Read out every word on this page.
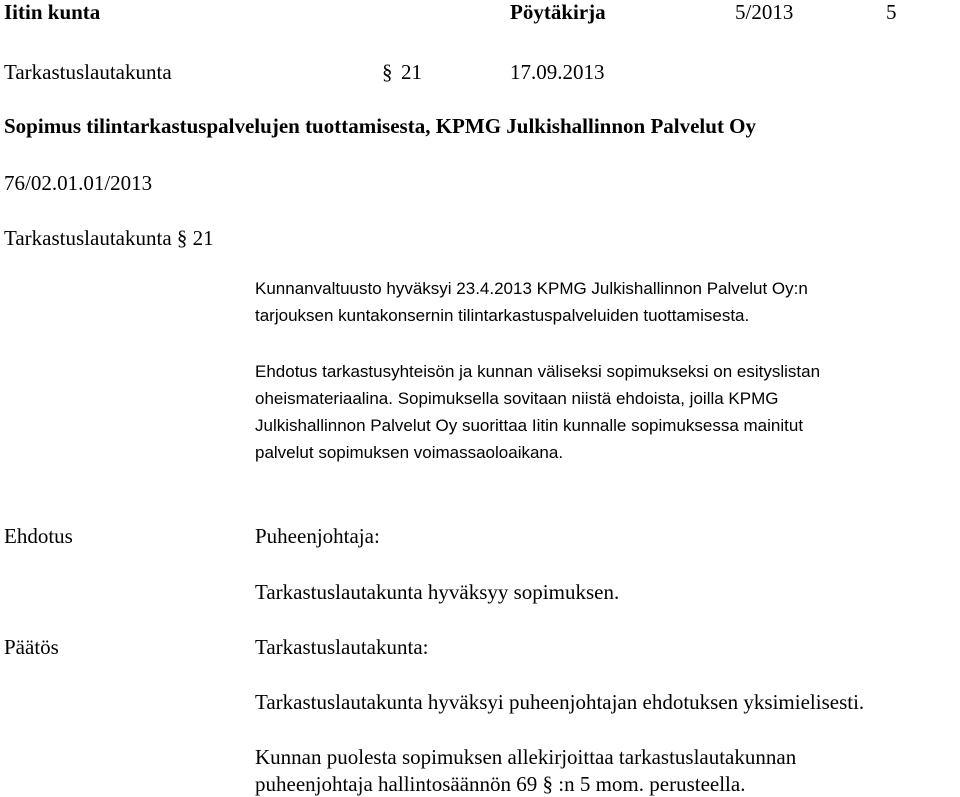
Iitin kunta	Pöytäkirja	5/2013	5
Tarkastuslautakunta	§ 21	17.09.2013
Sopimus tilintarkastuspalvelujen tuottamisesta, KPMG Julkishallinnon Palvelut Oy
76/02.01.01/2013
Tarkastuslautakunta § 21
Kunnanvaltuusto hyväksyi 23.4.2013 KPMG Julkishallinnon Palvelut Oy:n
tarjouksen kuntakonsernin tilintarkastuspalveluiden tuottamisesta.
Ehdotus tarkastusyhteisön ja kunnan väliseksi sopimukseksi on esityslistan
oheismateriaalina. Sopimuksella sovitaan niistä ehdoista, joilla KPMG
Julkishallinnon Palvelut Oy suorittaa Iitin kunnalle sopimuksessa mainitut
palvelut sopimuksen voimassaoloaikana.
Ehdotus	Puheenjohtaja:
Tarkastuslautakunta hyväksyy sopimuksen.
Päätös	Tarkastuslautakunta:
Tarkastuslautakunta hyväksyi puheenjohtajan ehdotuksen yksimielisesti.
Kunnan puolesta sopimuksen allekirjoittaa tarkastuslautakunnan
puheenjohtaja hallintosäännön 69 § :n 5 mom. perusteella.
